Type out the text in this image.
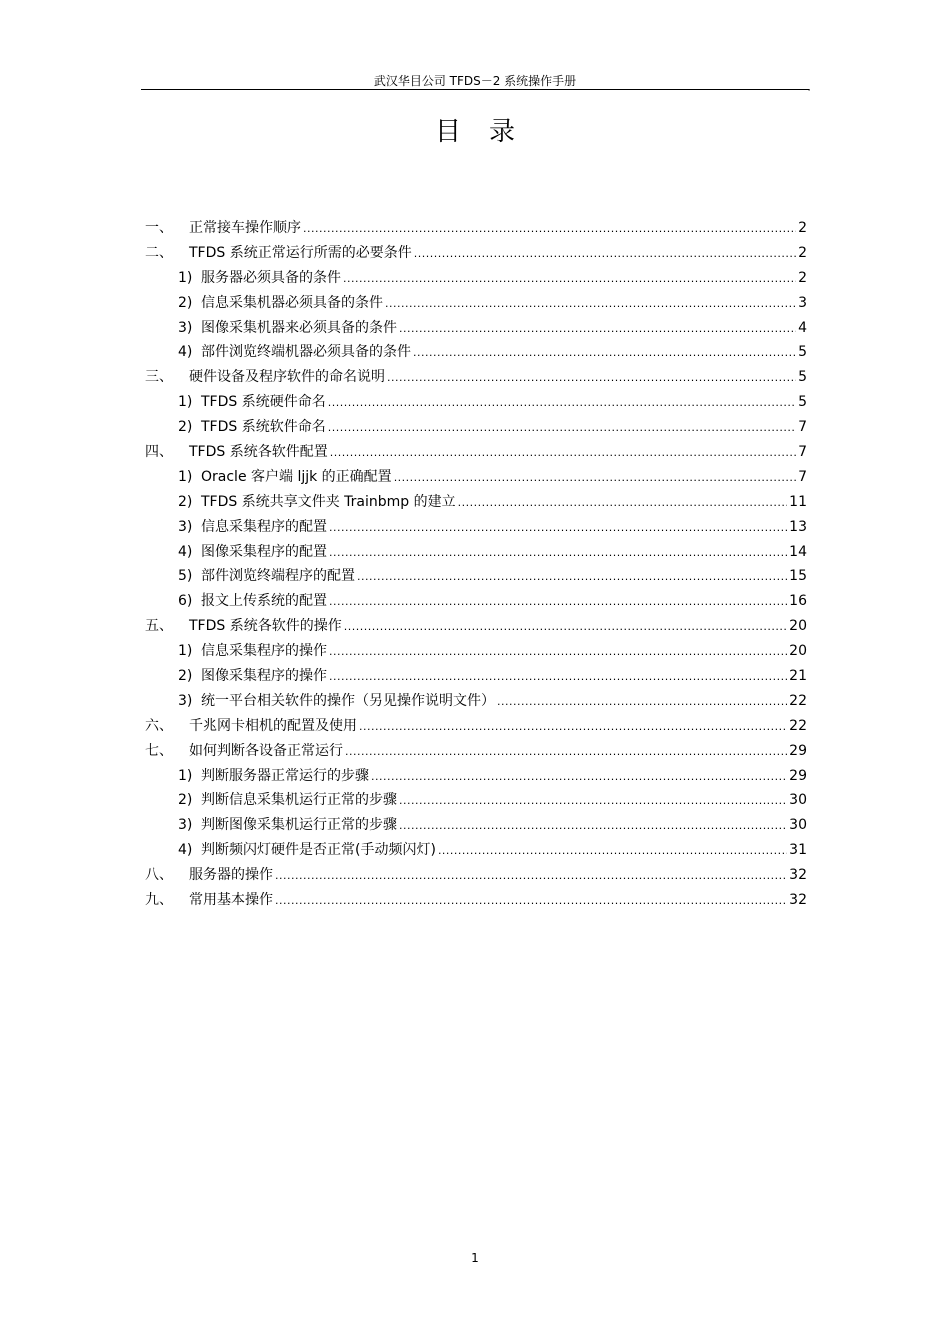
武汉华目公司 TFDS－2 系统操作手册	,
目录
一、	正常接车操作顺序 .....	2
二、	TFDS 系统正常运行所需的必要条件 .....	2
1) 服务器必须具备的条件 .....	2
2) 信息采集机器必须具备的条件 .....	3
3) 图像采集机器来必须具备的条件 .....	4
4) 部件浏览终端机器必须具备的条件 .....	5
三、	硬件设备及程序软件的命名说明 .....	5
1) TFDS 系统硬件命名 .....	5
2) TFDS 系统软件命名 .....	7
四、	TFDS 系统各软件配置 .....	7
1) Oracle 客户端 ljjk 的正确配置 .....	7
2) TFDS 系统共享文件夹 Trainbmp 的建立 .....	11
3) 信息采集程序的配置 .....	13
4) 图像采集程序的配置 .....	14
5) 部件浏览终端程序的配置 .....	15
6) 报文上传系统的配置 .....	16
五、	TFDS 系统各软件的操作 .....	20
1) 信息采集程序的操作 .....	20
2) 图像采集程序的操作 .....	21
3) 统一平台相关软件的操作（另见操作说明文件） .....	22
六、	千兆网卡相机的配置及使用 .....	22
七、	如何判断各设备正常运行 .....	29
1) 判断服务器正常运行的步骤 .....	29
2) 判断信息采集机运行正常的步骤 .....	30
3) 判断图像采集机运行正常的步骤 .....	30
4) 判断频闪灯硬件是否正常(手动频闪灯) .....	31
八、	服务器的操作 .....	32
九、	常用基本操作 .....	32
1
